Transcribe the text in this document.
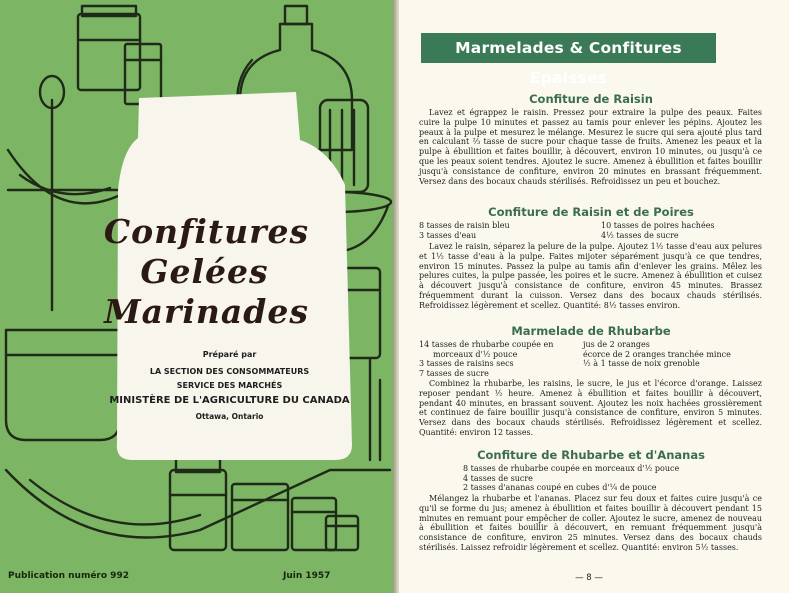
Confitures
Gelées
Marinades
Préparé par
LA SECTION DES CONSOMMATEURS
SERVICE DES MARCHÉS
MINISTÈRE DE L'AGRICULTURE DU CANADA
Ottawa, Ontario
Publication numéro 992	Juin 1957
Marmelades & Confitures Épaisses
Confiture de Raisin
Lavez et égrappez le raisin. Pressez pour extraire la pulpe des peaux. Faites cuire la pulpe 10 minutes et passez au tamis pour enlever les pépins. Ajoutez les peaux à la pulpe et mesurez le mélange. Mesurez le sucre qui sera ajouté plus tard en calculant ⅔ tasse de sucre pour chaque tasse de fruits. Amenez les peaux et la pulpe à ébullition et faites bouillir, à découvert, environ 10 minutes, ou jusqu'à ce que les peaux soient tendres. Ajoutez le sucre. Amenez à ébullition et faites bouillir jusqu'à consistance de confiture, environ 20 minutes en brassant fréquemment. Versez dans des bocaux chauds stérilisés. Refroidissez un peu et bouchez.
Confiture de Raisin et de Poires
8 tasses de raisin bleu
3 tasses d'eau
10 tasses de poires hachées
4½ tasses de sucre
Lavez le raisin, séparez la pelure de la pulpe. Ajoutez 1½ tasse d'eau aux pelures et 1½ tasse d'eau à la pulpe. Faites mijoter séparément jusqu'à ce que tendres, environ 15 minutes. Passez la pulpe au tamis afin d'enlever les grains. Mêlez les pelures cuites, la pulpe passée, les poires et le sucre. Amenez à ébullition et cuisez à découvert jusqu'à consistance de confiture, environ 45 minutes. Brassez fréquemment durant la cuisson. Versez dans des bocaux chauds stérilisés. Refroidissez légèrement et scellez. Quantité: 8½ tasses environ.
Marmelade de Rhubarbe
14 tasses de rhubarbe coupée en
morceaux d'½ pouce
3 tasses de raisins secs
7 tasses de sucre
jus de 2 oranges
écorce de 2 oranges tranchée mince
½ à 1 tasse de noix grenoble
Combinez la rhubarbe, les raisins, le sucre, le jus et l'écorce d'orange. Laissez reposer pendant ½ heure. Amenez à ébullition et faites bouillir à découvert, pendant 40 minutes, en brassant souvent. Ajoutez les noix hachées grossièrement et continuez de faire bouillir jusqu'à consistance de confiture, environ 5 minutes. Versez dans des bocaux chauds stérilisés. Refroidissez légèrement et scellez. Quantité: environ 12 tasses.
Confiture de Rhubarbe et d'Ananas
8 tasses de rhubarbe coupée en morceaux d'½ pouce
4 tasses de sucre
2 tasses d'ananas coupé en cubes d'¼ de pouce
Mélangez la rhubarbe et l'ananas. Placez sur feu doux et faites cuire jusqu'à ce qu'il se forme du jus; amenez à ébullition et faites bouillir à découvert pendant 15 minutes en remuant pour empêcher de coller. Ajoutez le sucre, amenez de nouveau à ébullition et faites bouillir à découvert, en remuant fréquemment jusqu'à consistance de confiture, environ 25 minutes. Versez dans des bocaux chauds stérilisés. Laissez refroidir légèrement et scellez. Quantité: environ 5½ tasses.
— 8 —
